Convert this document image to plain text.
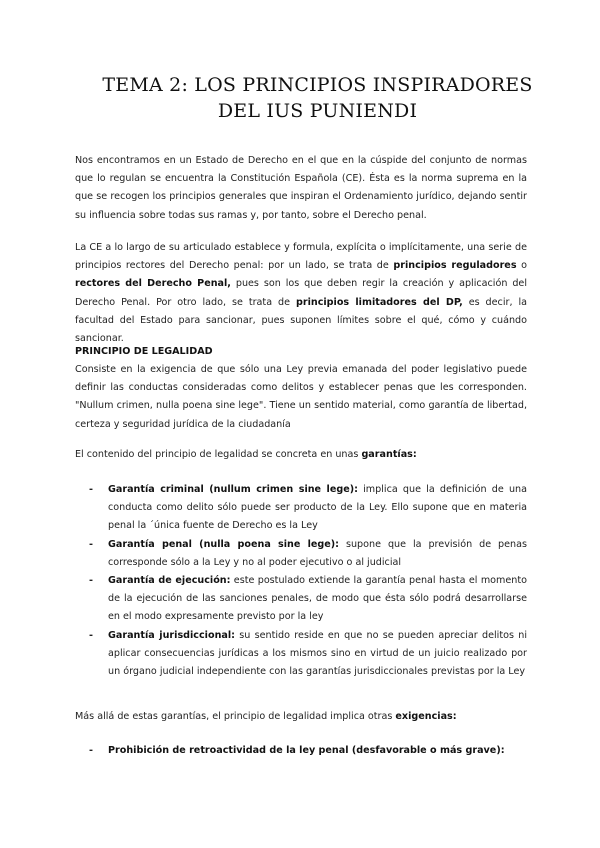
TEMA 2: LOS PRINCIPIOS INSPIRADORES DEL IUS PUNIENDI

Nos encontramos en un Estado de Derecho en el que en la cúspide del conjunto de normas que lo regulan se encuentra la Constitución Española (CE). Ésta es la norma suprema en la que se recogen los principios generales que inspiran el Ordenamiento jurídico, dejando sentir su influencia sobre todas sus ramas y, por tanto, sobre el Derecho penal.

La CE a lo largo de su articulado establece y formula, explícita o implícitamente, una serie de principios rectores del Derecho penal: por un lado, se trata de principios reguladores o rectores del Derecho Penal, pues son los que deben regir la creación y aplicación del Derecho Penal. Por otro lado, se trata de principios limitadores del DP, es decir, la facultad del Estado para sancionar, pues suponen límites sobre el qué, cómo y cuándo sancionar.

PRINCIPIO DE LEGALIDAD

Consiste en la exigencia de que sólo una Ley previa emanada del poder legislativo puede definir las conductas consideradas como delitos y establecer penas que les corresponden. "Nullum crimen, nulla poena sine lege". Tiene un sentido material, como garantía de libertad, certeza y seguridad jurídica de la ciudadanía

El contenido del principio de legalidad se concreta en unas garantías:

- Garantía criminal (nullum crimen sine lege): implica que la definición de una conducta como delito sólo puede ser producto de la Ley. Ello supone que en materia penal la ´única fuente de Derecho es la Ley
- Garantía penal (nulla poena sine lege): supone que la previsión de penas corresponde sólo a la Ley y no al poder ejecutivo o al judicial
- Garantía de ejecución: este postulado extiende la garantía penal hasta el momento de la ejecución de las sanciones penales, de modo que ésta sólo podrá desarrollarse en el modo expresamente previsto por la ley
- Garantía jurisdiccional: su sentido reside en que no se pueden apreciar delitos ni aplicar consecuencias jurídicas a los mismos sino en virtud de un juicio realizado por un órgano judicial independiente con las garantías jurisdiccionales previstas por la Ley

Más allá de estas garantías, el principio de legalidad implica otras exigencias:

- Prohibición de retroactividad de la ley penal (desfavorable o más grave):
